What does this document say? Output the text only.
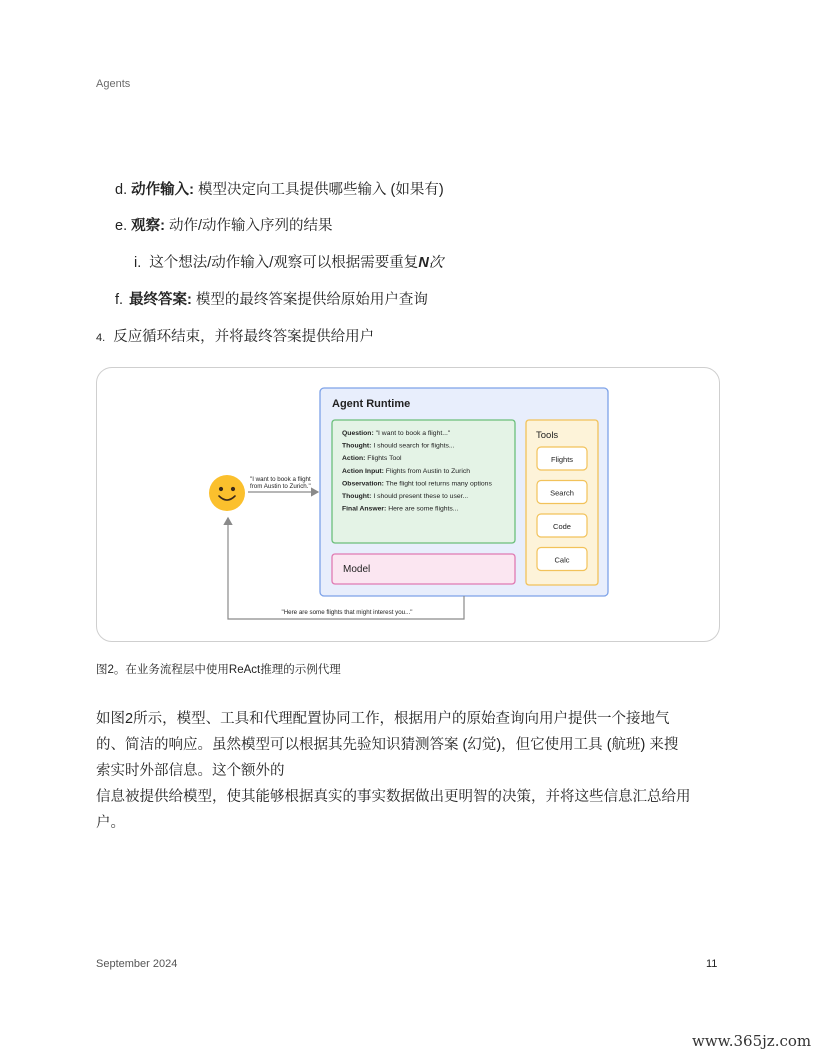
Agents
d. 动作输入: 模型决定向工具提供哪些输入 (如果有)
e. 观察: 动作/动作输入序列的结果
i. 这个想法/动作输入/观察可以根据需要重复N次
f. 最终答案: 模型的最终答案提供给原始用户查询
4. 反应循环结束，并将最终答案提供给用户
Agent Runtime
Question: "I want to book a flight..."
Thought: I should search for flights...
Action: Flights Tool
Action Input: Flights from Austin to Zurich
Observation: The flight tool returns many options
Thought: I should present these to user...
Final Answer: Here are some flights...
Model
Tools
Flights
Search
Code
Calc
"I want to book a flight
from Austin to Zurich."
"Here are some flights that might interest you..."
图2。在业务流程层中使用ReAct推理的示例代理
如图2所示，模型、工具和代理配置协同工作，根据用户的原始查询向用户提供一个接地气
的、简洁的响应。虽然模型可以根据其先验知识猜测答案 (幻觉)，但它使用工具 (航班) 来搜
索实时外部信息。这个额外的
信息被提供给模型，使其能够根据真实的事实数据做出更明智的决策，并将这些信息汇总给用
户。
September 2024	11
www.365jz.com
